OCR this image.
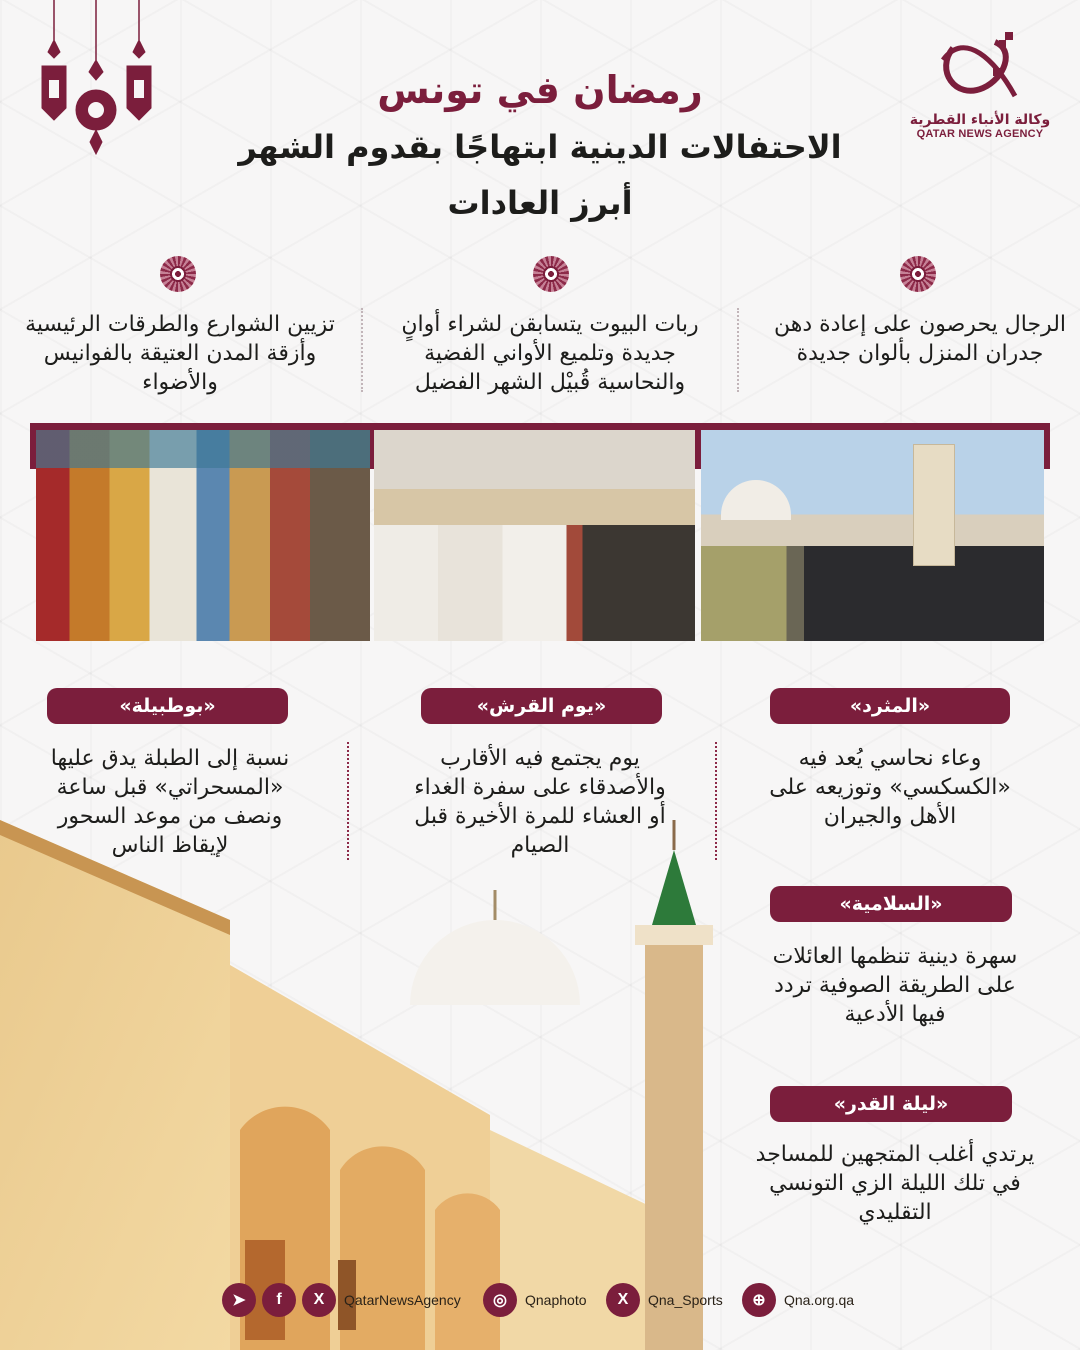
وكالة الأنباء القطرية
QATAR NEWS AGENCY
رمضان في تونس
الاحتفالات الدينية ابتهاجًا بقدوم الشهر
أبرز العادات
الرجال يحرصون على إعادة دهن جدران المنزل بألوان جديدة
ربات البيوت يتسابقن لشراء أوانٍ جديدة وتلميع الأواني الفضية والنحاسية قُبيْل الشهر الفضيل
تزيين الشوارع والطرقات الرئيسية وأزقة المدن العتيقة بالفوانيس والأضواء
«المثرد»
وعاء نحاسي يُعد فيه «الكسكسي» وتوزيعه على الأهل والجيران
«يوم القرش»
يوم يجتمع فيه الأقارب والأصدقاء على سفرة الغداء أو العشاء للمرة الأخيرة قبل الصيام
«بوطبيلة»
نسبة إلى الطبلة يدق عليها «المسحراتي» قبل ساعة ونصف من موعد السحور لإيقاظ الناس
«السلامية»
سهرة دينية تنظمها العائلات على الطريقة الصوفية تردد فيها الأدعية
«ليلة القدر»
يرتدي أغلب المتجهين للمساجد في تلك الليلة الزي التونسي التقليدي
➤	f	X	QatarNewsAgency	◎	Qnaphoto	X	Qna_Sports	⊕	Qna.org.qa
